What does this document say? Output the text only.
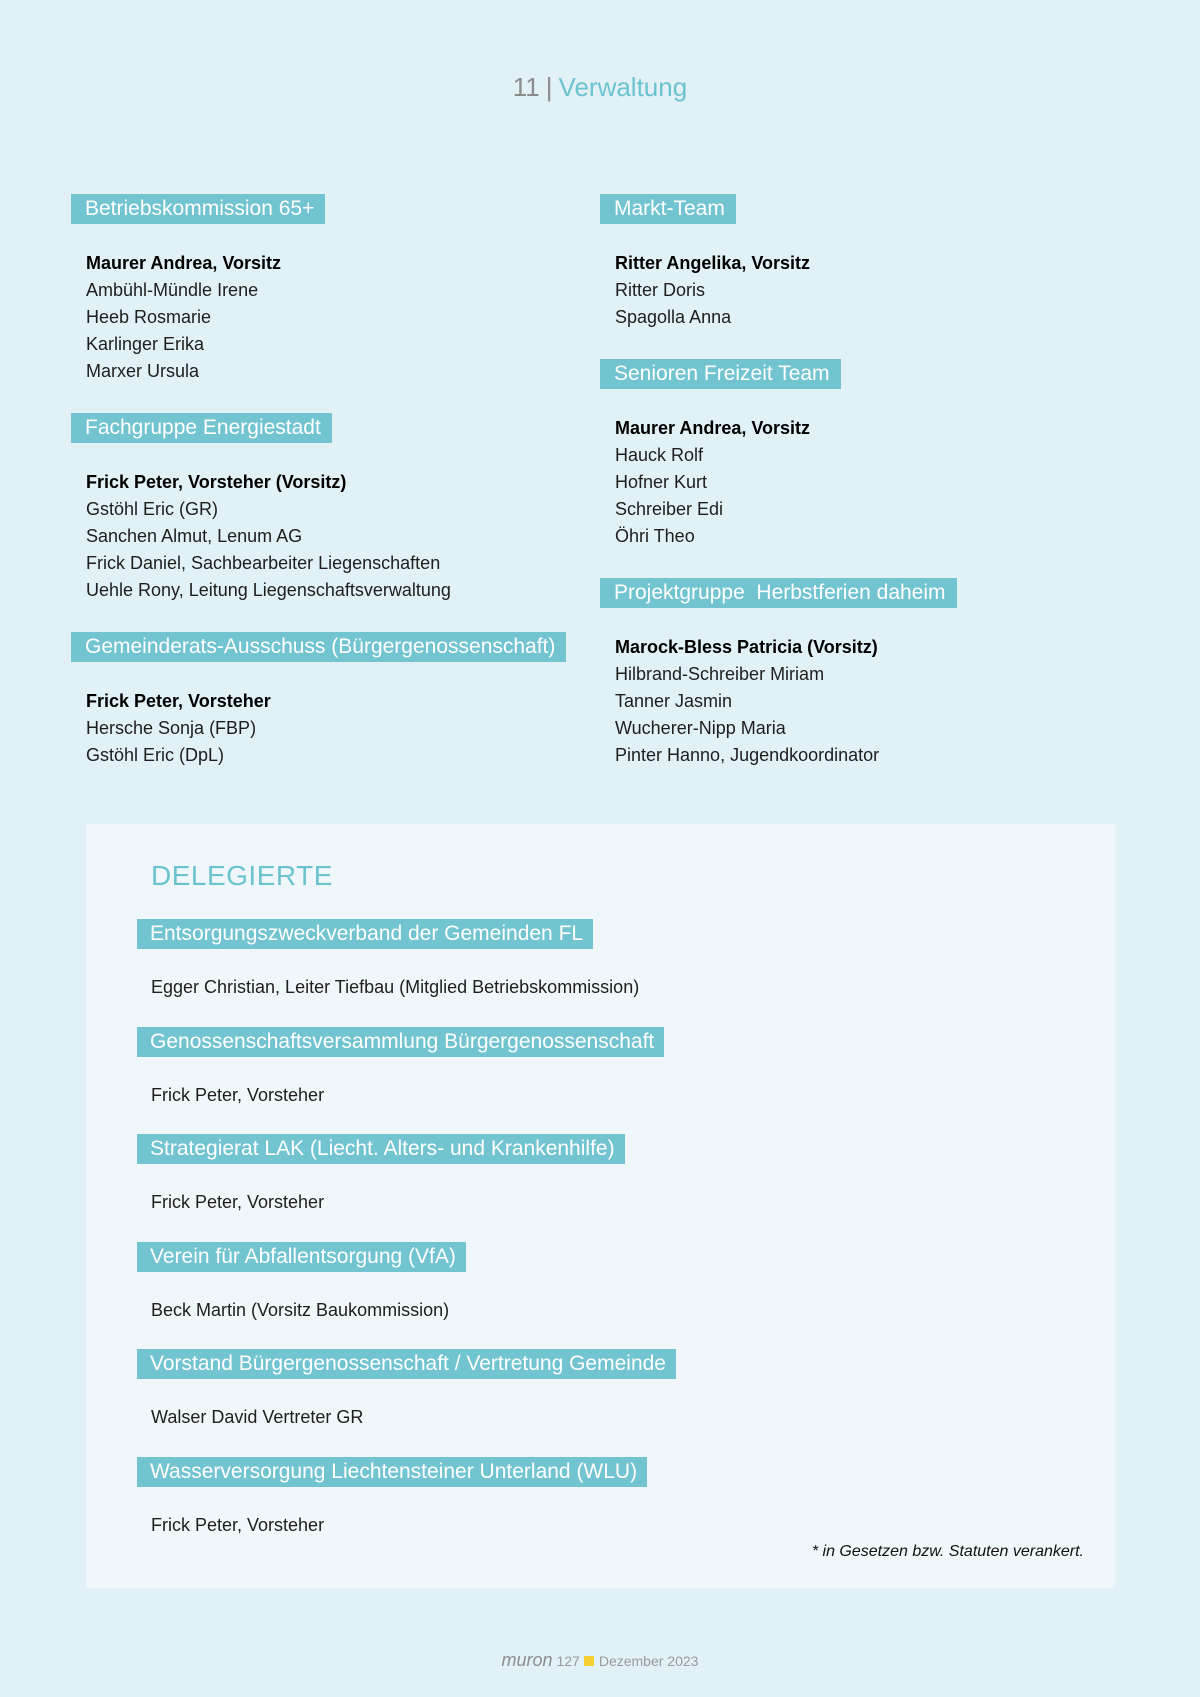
11 | Verwaltung
Betriebskommission 65+
Maurer Andrea, Vorsitz
Ambühl-Mündle Irene
Heeb Rosmarie
Karlinger Erika
Marxer Ursula
Fachgruppe Energiestadt
Frick Peter, Vorsteher (Vorsitz)
Gstöhl Eric (GR)
Sanchen Almut, Lenum AG
Frick Daniel, Sachbearbeiter Liegenschaften
Uehle Rony, Leitung Liegenschaftsverwaltung
Gemeinderats-Ausschuss (Bürgergenossenschaft)
Frick Peter, Vorsteher
Hersche Sonja (FBP)
Gstöhl Eric (DpL)
Markt-Team
Ritter Angelika, Vorsitz
Ritter Doris
Spagolla Anna
Senioren Freizeit Team
Maurer Andrea, Vorsitz
Hauck Rolf
Hofner Kurt
Schreiber Edi
Öhri Theo
Projektgruppe  Herbstferien daheim
Marock-Bless Patricia (Vorsitz)
Hilbrand-Schreiber Miriam
Tanner Jasmin
Wucherer-Nipp Maria
Pinter Hanno, Jugendkoordinator
DELEGIERTE
Entsorgungszweckverband der Gemeinden FL
Egger Christian, Leiter Tiefbau (Mitglied Betriebskommission)
Genossenschaftsversammlung Bürgergenossenschaft
Frick Peter, Vorsteher
Strategierat LAK (Liecht. Alters- und Krankenhilfe)
Frick Peter, Vorsteher
Verein für Abfallentsorgung (VfA)
Beck Martin (Vorsitz Baukommission)
Vorstand Bürgergenossenschaft / Vertretung Gemeinde
Walser David Vertreter GR
Wasserversorgung Liechtensteiner Unterland (WLU)
Frick Peter, Vorsteher
* in Gesetzen bzw. Statuten verankert.
muron 127 Dezember 2023
